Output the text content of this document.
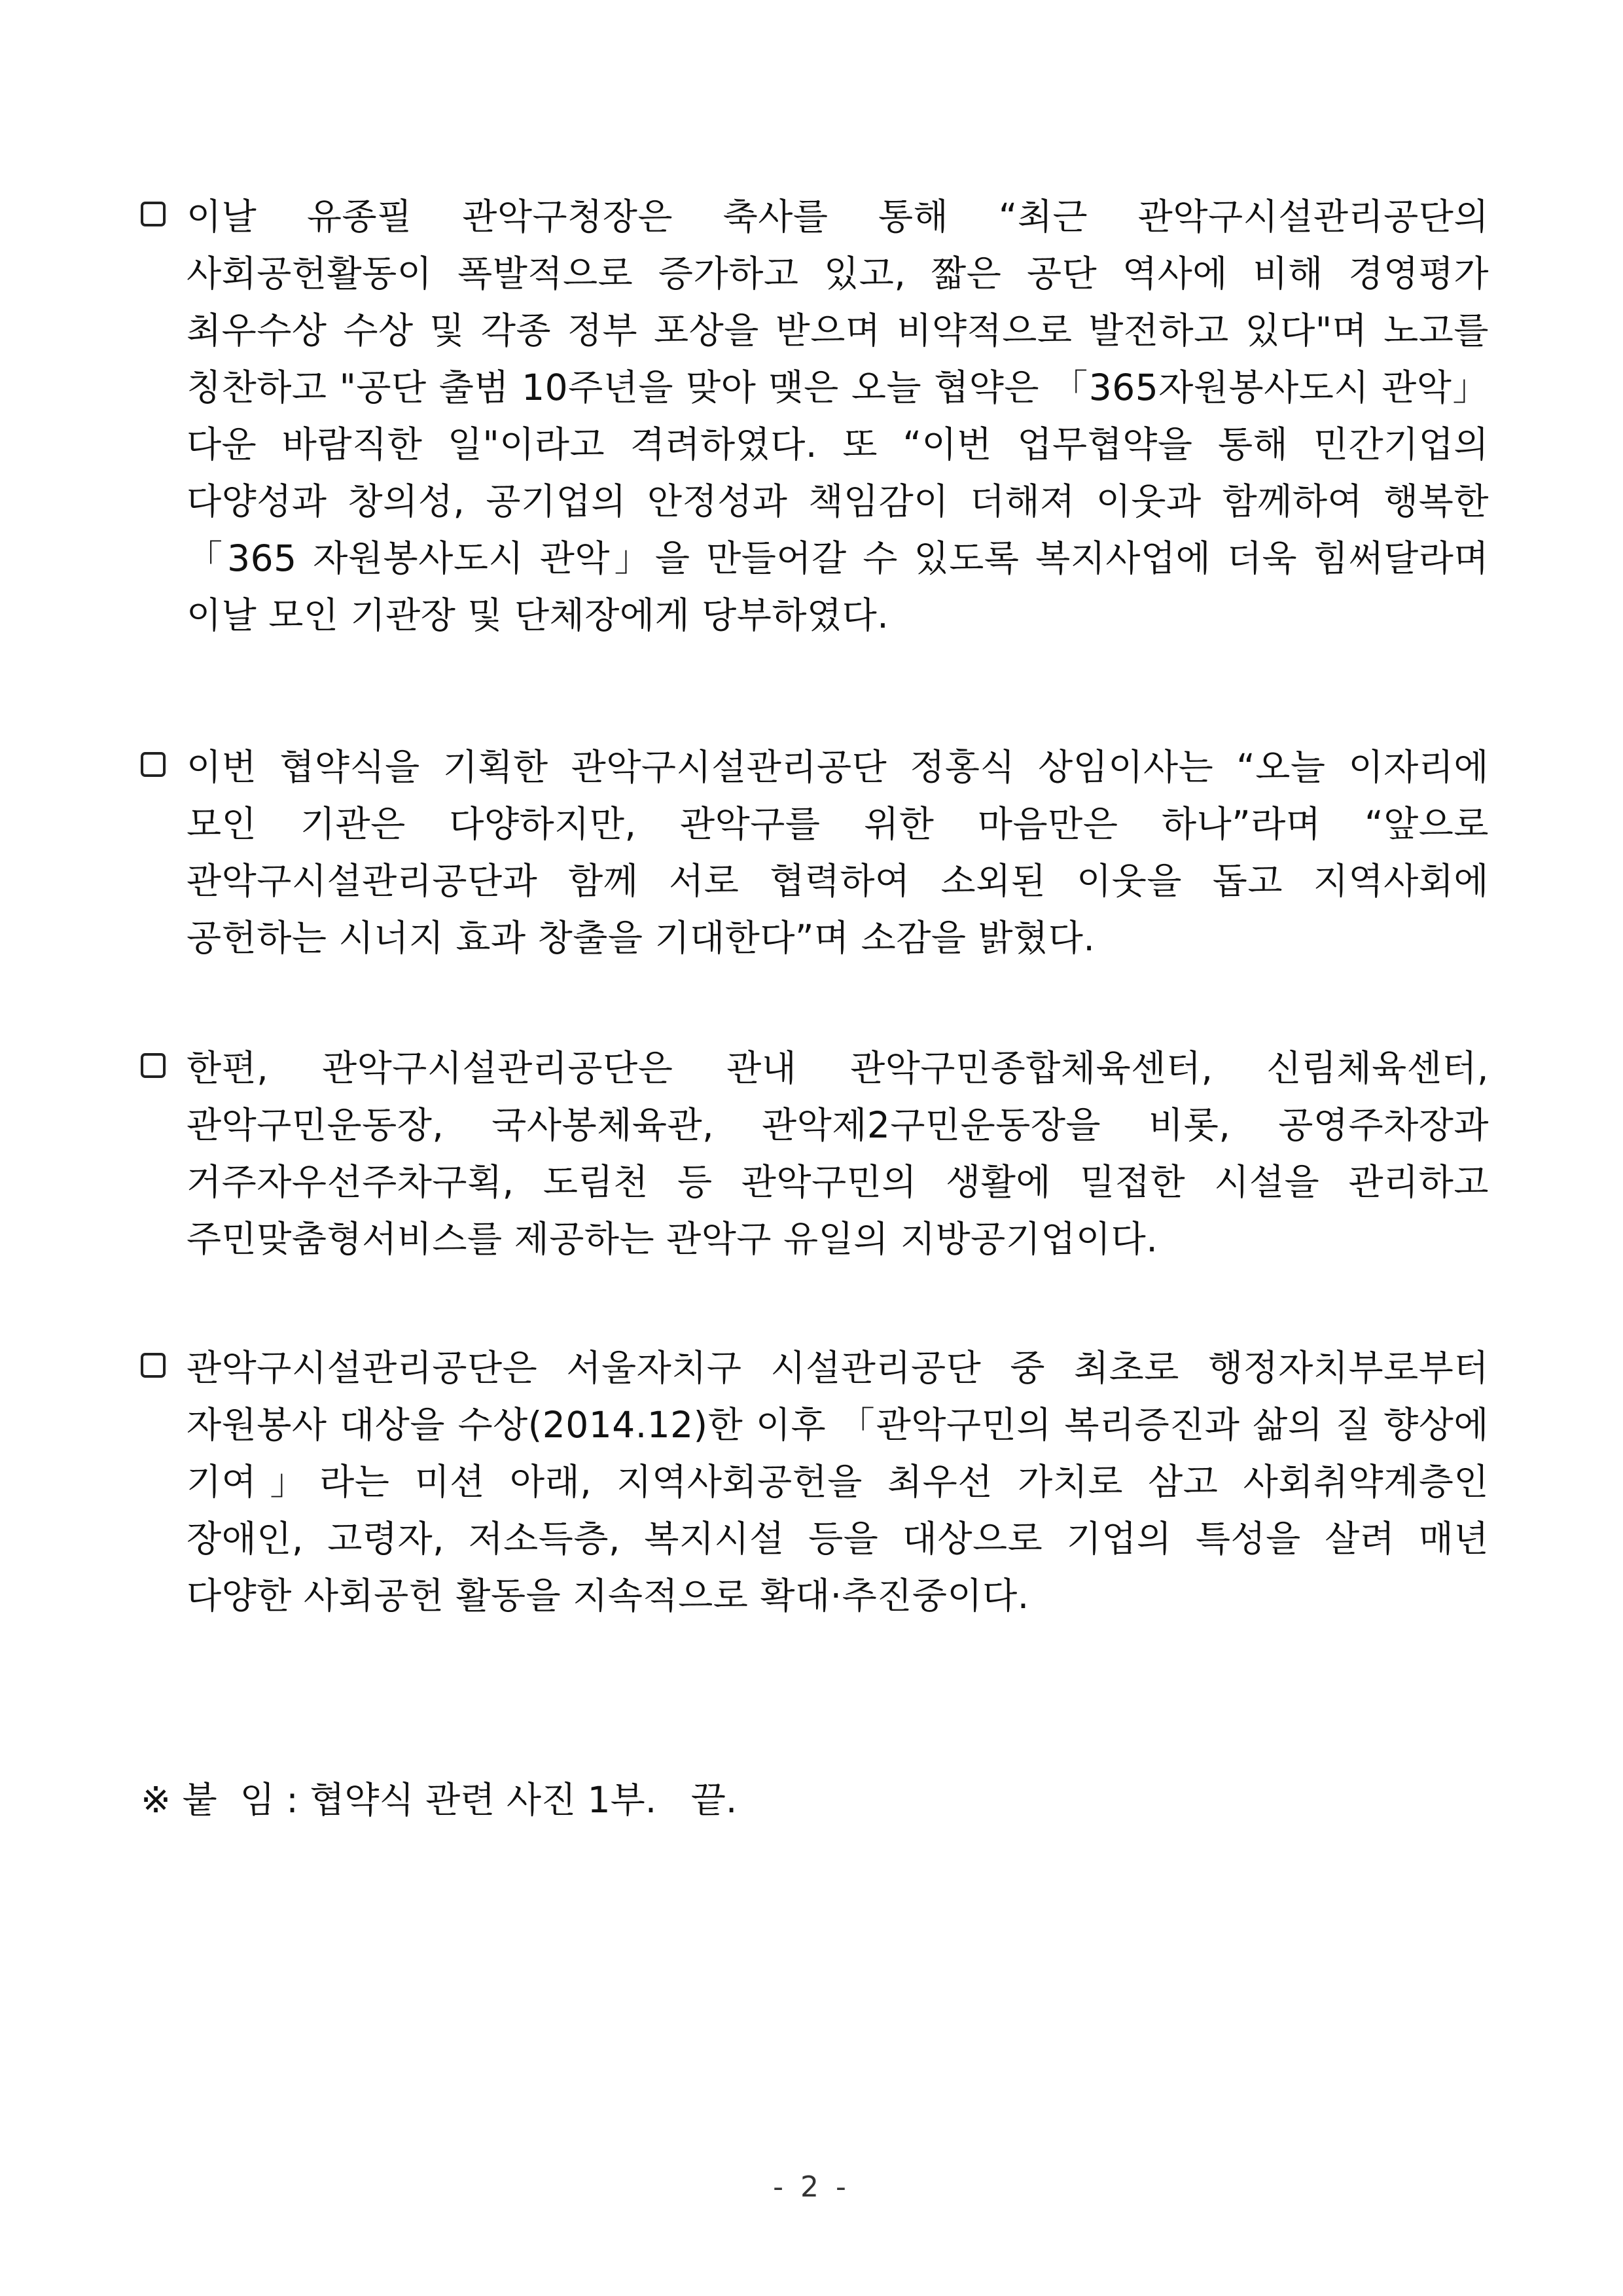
이날 유종필 관악구청장은 축사를 통해 “최근 관악구시설관리공단의 사회공헌활동이 폭발적으로 증가하고 있고, 짧은 공단 역사에 비해 경영평가 최우수상 수상 및 각종 정부 포상을 받으며 비약적으로 발전하고 있다"며 노고를 칭찬하고 "공단 출범 10주년을 맞아 맺은 오늘 협약은 「365자원봉사도시 관악」다운 바람직한 일"이라고 격려하였다. 또 “이번 업무협약을 통해 민간기업의 다양성과 창의성, 공기업의 안정성과 책임감이 더해져 이웃과 함께하여 행복한 「365 자원봉사도시 관악」을 만들어갈 수 있도록 복지사업에 더욱 힘써달라며 이날 모인 기관장 및 단체장에게 당부하였다.
이번 협약식을 기획한 관악구시설관리공단 정홍식 상임이사는 “오늘 이자리에 모인 기관은 다양하지만, 관악구를 위한 마음만은 하나”라며 “앞으로 관악구시설관리공단과 함께 서로 협력하여 소외된 이웃을 돕고 지역사회에 공헌하는 시너지 효과 창출을 기대한다”며 소감을 밝혔다.
한편, 관악구시설관리공단은 관내 관악구민종합체육센터, 신림체육센터, 관악구민운동장, 국사봉체육관, 관악제2구민운동장을 비롯, 공영주차장과 거주자우선주차구획, 도림천 등 관악구민의 생활에 밀접한 시설을 관리하고 주민맞춤형서비스를 제공하는 관악구 유일의 지방공기업이다.
관악구시설관리공단은 서울자치구 시설관리공단 중 최초로 행정자치부로부터 자원봉사 대상을 수상(2014.12)한 이후 「관악구민의 복리증진과 삶의 질 향상에 기여」라는 미션 아래, 지역사회공헌을 최우선 가치로 삼고 사회취약계층인 장애인, 고령자, 저소득층, 복지시설 등을 대상으로 기업의 특성을 살려 매년 다양한 사회공헌 활동을 지속적으로 확대·추진중이다.
※ 붙  임 : 협약식 관련 사진 1부.   끝.
- 2 -
